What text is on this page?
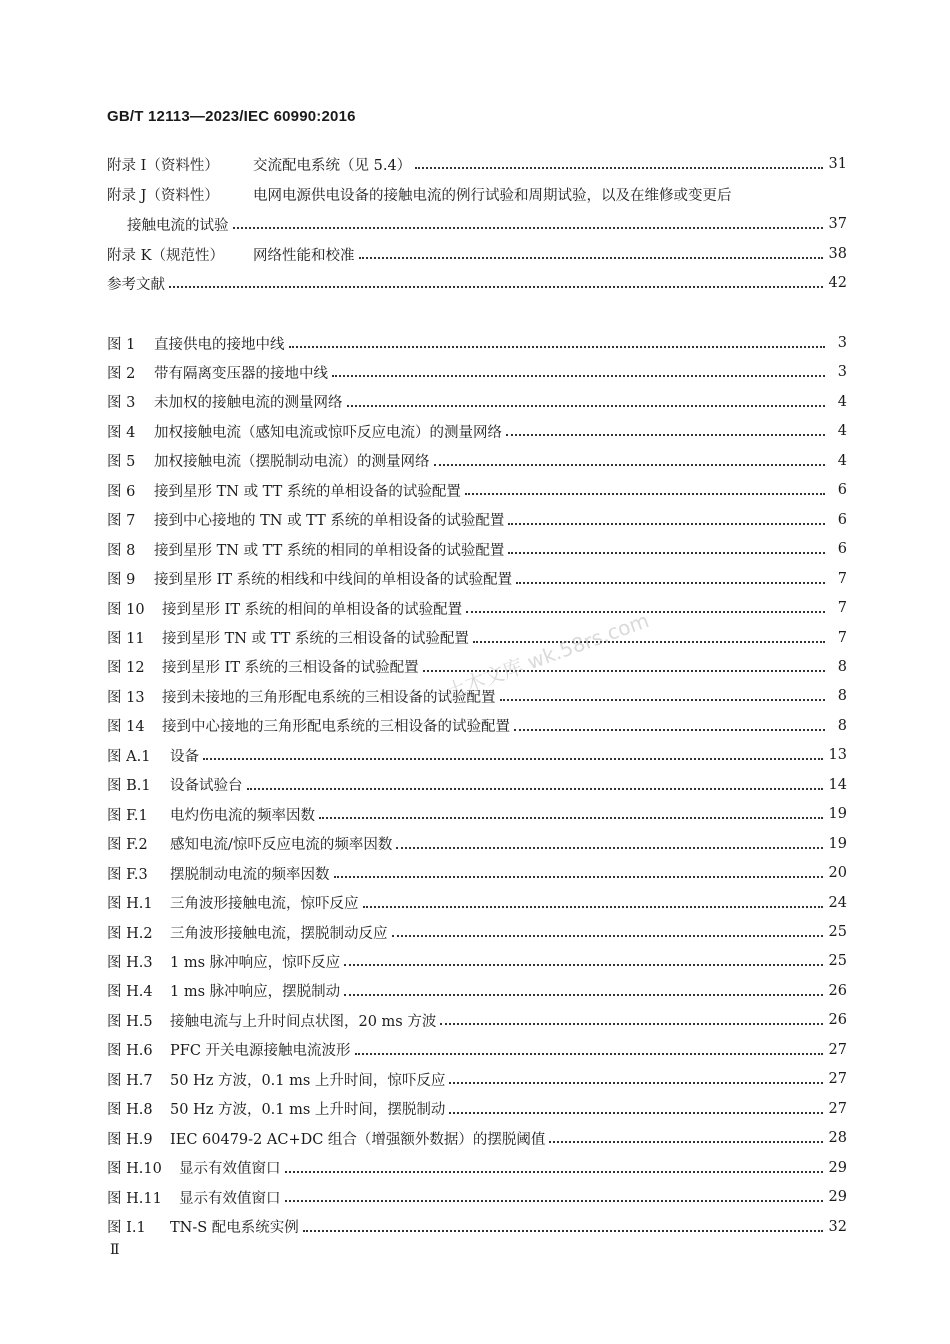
GB/T 12113—2023/IEC 60990:2016
附录 I（资料性）	交流配电系统（见 5.4）	31
附录 J（资料性）	电网电源供电设备的接触电流的例行试验和周期试验，以及在维修或变更后
接触电流的试验	37
附录 K（规范性）	网络性能和校准	38
参考文献	42
图 1	直接供电的接地中线	3
图 2	带有隔离变压器的接地中线	3
图 3	未加权的接触电流的测量网络	4
图 4	加权接触电流（感知电流或惊吓反应电流）的测量网络	4
图 5	加权接触电流（摆脱制动电流）的测量网络	4
图 6	接到星形 TN 或 TT 系统的单相设备的试验配置	6
图 7	接到中心接地的 TN 或 TT 系统的单相设备的试验配置	6
图 8	接到星形 TN 或 TT 系统的相同的单相设备的试验配置	6
图 9	接到星形 IT 系统的相线和中线间的单相设备的试验配置	7
图 10	接到星形 IT 系统的相间的单相设备的试验配置	7
图 11	接到星形 TN 或 TT 系统的三相设备的试验配置	7
图 12	接到星形 IT 系统的三相设备的试验配置	8
图 13	接到未接地的三角形配电系统的三相设备的试验配置	8
图 14	接到中心接地的三角形配电系统的三相设备的试验配置	8
图 A.1	设备	13
图 B.1	设备试验台	14
图 F.1	电灼伤电流的频率因数	19
图 F.2	感知电流/惊吓反应电流的频率因数	19
图 F.3	摆脱制动电流的频率因数	20
图 H.1	三角波形接触电流，惊吓反应	24
图 H.2	三角波形接触电流，摆脱制动反应	25
图 H.3	1 ms 脉冲响应，惊吓反应	25
图 H.4	1 ms 脉冲响应，摆脱制动	26
图 H.5	接触电流与上升时间点状图，20 ms 方波	26
图 H.6	PFC 开关电源接触电流波形	27
图 H.7	50 Hz 方波，0.1 ms 上升时间，惊吓反应	27
图 H.8	50 Hz 方波，0.1 ms 上升时间，摆脱制动	27
图 H.9	IEC 60479-2 AC+DC 组合（增强额外数据）的摆脱阈值	28
图 H.10	显示有效值窗口	29
图 H.11	显示有效值窗口	29
图 I.1	TN-S 配电系统实例	32
土木文库 wk.58rs.com
Ⅱ
